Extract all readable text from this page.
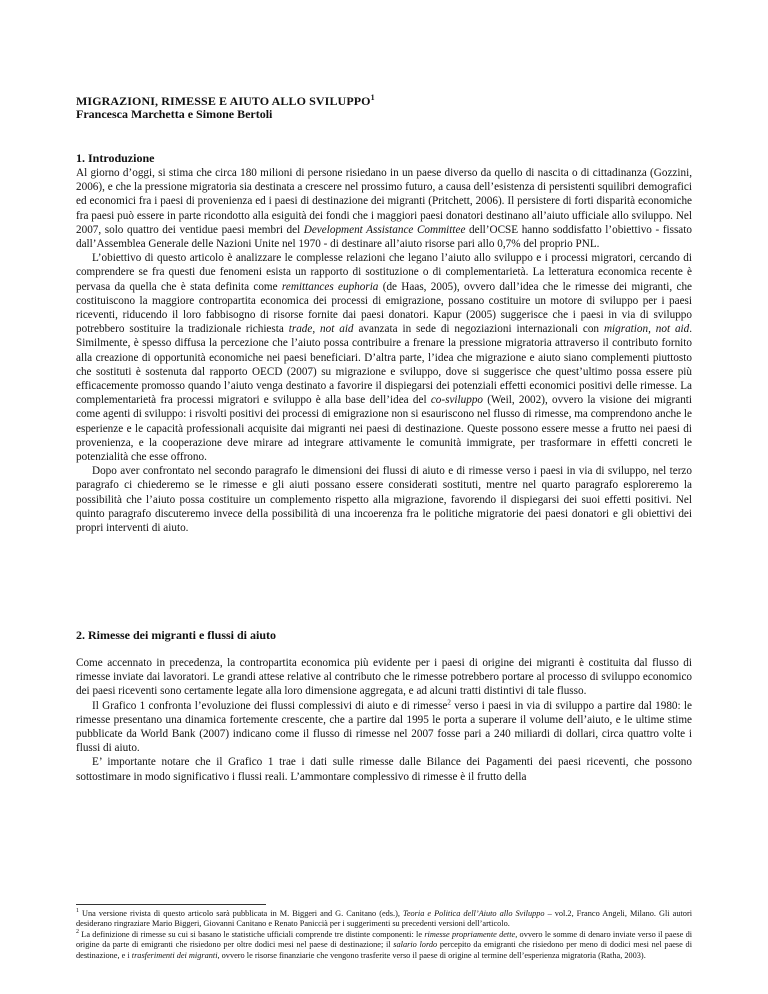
MIGRAZIONI, RIMESSE E AIUTO ALLO SVILUPPO$^1$
Francesca Marchetta e Simone Bertoli

1. Introduzione

Al giorno d’oggi, si stima che circa 180 milioni di persone risiedano in un paese diverso da quello di nascita o di cittadinanza (Gozzini, 2006), e che la pressione migratoria sia destinata a crescere nel prossimo futuro, a causa dell’esistenza di persistenti squilibri demografici ed economici fra i paesi di provenienza ed i paesi di destinazione dei migranti (Pritchett, 2006). Il persistere di forti disparità economiche fra paesi può essere in parte ricondotto alla esiguità dei fondi che i maggiori paesi donatori destinano all’aiuto ufficiale allo sviluppo. Nel 2007, solo quattro dei ventidue paesi membri del Development Assistance Committee dell’OCSE hanno soddisfatto l’obiettivo - fissato dall’Assemblea Generale delle Nazioni Unite nel 1970 - di destinare all’aiuto risorse pari allo 0,7% del proprio PNL.

L’obiettivo di questo articolo è analizzare le complesse relazioni che legano l’aiuto allo sviluppo e i processi migratori, cercando di comprendere se fra questi due fenomeni esista un rapporto di sostituzione o di complementarietà. La letteratura economica recente è pervasa da quella che è stata definita come remittances euphoria (de Haas, 2005), ovvero dall’idea che le rimesse dei migranti, che costituiscono la maggiore contropartita economica dei processi di emigrazione, possano costituire un motore di sviluppo per i paesi riceventi, riducendo il loro fabbisogno di risorse fornite dai paesi donatori. Kapur (2005) suggerisce che i paesi in via di sviluppo potrebbero sostituire la tradizionale richiesta trade, not aid avanzata in sede di negoziazioni internazionali con migration, not aid. Similmente, è spesso diffusa la percezione che l’aiuto possa contribuire a frenare la pressione migratoria attraverso il contributo fornito alla creazione di opportunità economiche nei paesi beneficiari. D’altra parte, l’idea che migrazione e aiuto siano complementi piuttosto che sostituti è sostenuta dal rapporto OECD (2007) su migrazione e sviluppo, dove si suggerisce che quest’ultimo possa essere più efficacemente promosso quando l’aiuto venga destinato a favorire il dispiegarsi dei potenziali effetti economici positivi delle rimesse. La complementarietà fra processi migratori e sviluppo è alla base dell’idea del co-sviluppo (Weil, 2002), ovvero la visione dei migranti come agenti di sviluppo: i risvolti positivi dei processi di emigrazione non si esauriscono nel flusso di rimesse, ma comprendono anche le esperienze e le capacità professionali acquisite dai migranti nei paesi di destinazione. Queste possono essere messe a frutto nei paesi di provenienza, e la cooperazione deve mirare ad integrare attivamente le comunità immigrate, per trasformare in effetti concreti le potenzialità che esse offrono.

Dopo aver confrontato nel secondo paragrafo le dimensioni dei flussi di aiuto e di rimesse verso i paesi in via di sviluppo, nel terzo paragrafo ci chiederemo se le rimesse e gli aiuti possano essere considerati sostituti, mentre nel quarto paragrafo esploreremo la possibilità che l’aiuto possa costituire un complemento rispetto alla migrazione, favorendo il dispiegarsi dei suoi effetti positivi. Nel quinto paragrafo discuteremo invece della possibilità di una incoerenza fra le politiche migratorie dei paesi donatori e gli obiettivi dei propri interventi di aiuto.

2. Rimesse dei migranti e flussi di aiuto

Come accennato in precedenza, la contropartita economica più evidente per i paesi di origine dei migranti è costituita dal flusso di rimesse inviate dai lavoratori. Le grandi attese relative al contributo che le rimesse potrebbero portare al processo di sviluppo economico dei paesi riceventi sono certamente legate alla loro dimensione aggregata, e ad alcuni tratti distintivi di tale flusso.

Il Grafico 1 confronta l’evoluzione dei flussi complessivi di aiuto e di rimesse$^2$ verso i paesi in via di sviluppo a partire dal 1980: le rimesse presentano una dinamica fortemente crescente, che a partire dal 1995 le porta a superare il volume dell’aiuto, e le ultime stime pubblicate da World Bank (2007) indicano come il flusso di rimesse nel 2007 fosse pari a 240 miliardi di dollari, circa quattro volte i flussi di aiuto.

E’ importante notare che il Grafico 1 trae i dati sulle rimesse dalle Bilance dei Pagamenti dei paesi riceventi, che possono sottostimare in modo significativo i flussi reali. L’ammontare complessivo di rimesse è il frutto della

$^1$ Una versione rivista di questo articolo sarà pubblicata in M. Biggeri and G. Canitano (eds.), Teoria e Politica dell’Aiuto allo Sviluppo – vol.2, Franco Angeli, Milano. Gli autori desiderano ringraziare Mario Biggeri, Giovanni Canitano e Renato Paniccià per i suggerimenti su precedenti versioni dell’articolo.

$^2$ La definizione di rimesse su cui si basano le statistiche ufficiali comprende tre distinte componenti: le rimesse propriamente dette, ovvero le somme di denaro inviate verso il paese di origine da parte di emigranti che risiedono per oltre dodici mesi nel paese di destinazione; il salario lordo percepito da emigranti che risiedono per meno di dodici mesi nel paese di destinazione, e i trasferimenti dei migranti, ovvero le risorse finanziarie che vengono trasferite verso il paese di origine al termine dell’esperienza migratoria (Ratha, 2003).
